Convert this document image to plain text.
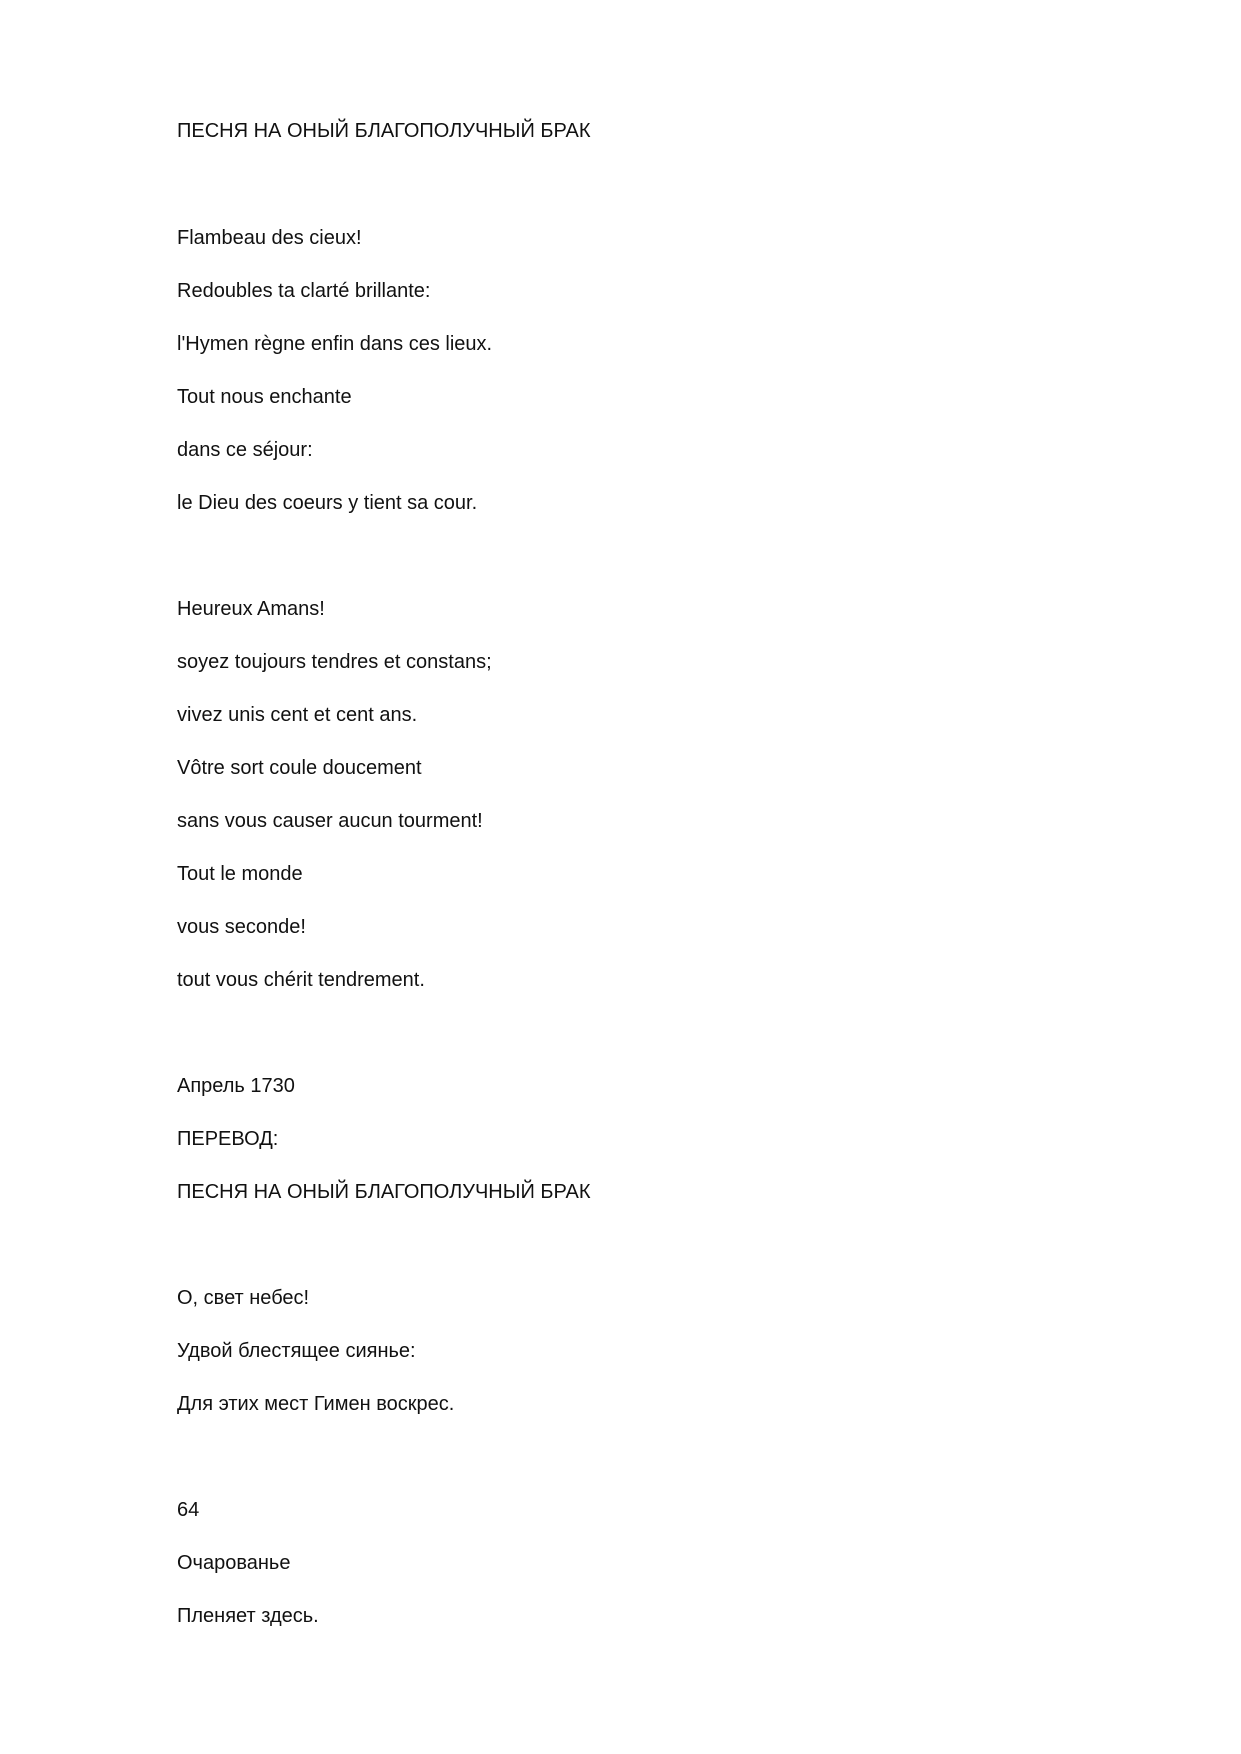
ПЕСНЯ НА ОНЫЙ БЛАГОПОЛУЧНЫЙ БРАК

Flambeau des cieux!

Redoubles ta clarté brillante:

l'Hymen règne enfin dans ces lieux.

Tout nous enchante

dans ce séjour:

le Dieu des coeurs y tient sa cour.

Heureux Amans!

soyez toujours tendres et constans;

vivez unis cent et cent ans.

Vôtre sort coule doucement

sans vous causer aucun tourment!

Tout le monde

vous seconde!

tout vous chérit tendrement.

Апрель 1730

ПЕРЕВОД:

ПЕСНЯ НА ОНЫЙ БЛАГОПОЛУЧНЫЙ БРАК

О, свет небес!

Удвой блестящее сиянье:

Для этих мест Гимен воскрес.

64

Очарованье

Пленяет здесь.
